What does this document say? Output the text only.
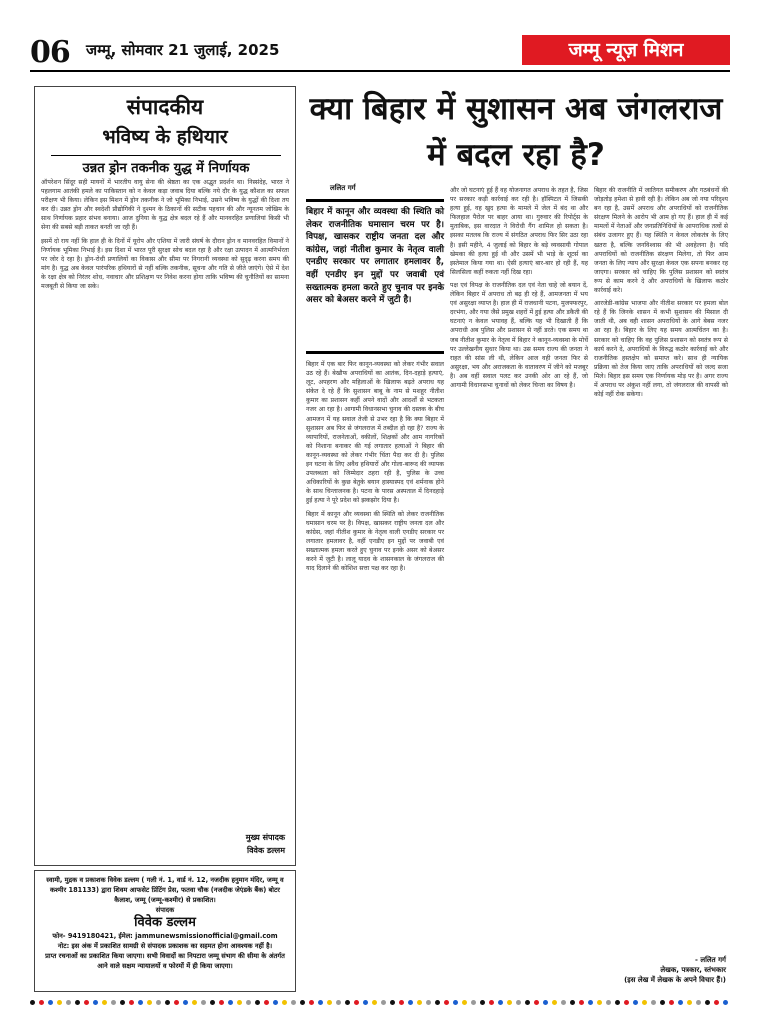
06 जम्मू, सोमवार 21 जुलाई, 2025	जम्मू न्यूज़ मिशन
संपादकीय
भविष्य के हथियार
उन्नत ड्रोन तकनीक युद्ध में निर्णायक
ऑपरेशन सिंदूर सही मायनों में भारतीय वायु सेना की श्रेष्ठता का एक अद्भुत प्रदर्शन था। निस्संदेह, भारत ने पहलगाम आतंकी हमले का पाकिस्तान को न केवल कड़ा जवाब दिया बल्कि नये दौर के युद्ध कौशल का सफल परीक्षण भी किया। लेकिन इस मिशन में ड्रोन तकनीक ने जो भूमिका निभाई, उसने भविष्य के युद्धों की दिशा तय कर दी। उन्नत ड्रोन और स्वदेशी प्रौद्योगिकी ने दुश्मन के ठिकानों की सटीक पहचान की और न्यूनतम जोखिम के साथ निर्णायक प्रहार संभव बनाया। आज दुनिया के युद्ध क्षेत्र बदल रहे हैं और मानवरहित प्रणालियां किसी भी सेना की सबसे बड़ी ताकत बनती जा रही हैं।
इसमें दो राय नहीं कि हाल ही के दिनों में यूरोप और एशिया में जारी संघर्ष के दौरान ड्रोन व मानवरहित विमानों ने निर्णायक भूमिका निभाई है। इस दिशा में भारत पूरी सुरक्षा सोच बदल रहा है और रक्षा उत्पादन में आत्मनिर्भरता पर जोर दे रहा है। ड्रोन-रोधी प्रणालियों का विकास और सीमा पर निगरानी व्यवस्था को सुदृढ़ करना समय की मांग है। युद्ध अब केवल पारंपरिक हथियारों से नहीं बल्कि तकनीक, सूचना और गति से जीते जाएंगे। ऐसे में देश के रक्षा क्षेत्र को निरंतर शोध, नवाचार और प्रशिक्षण पर निवेश करना होगा ताकि भविष्य की चुनौतियों का सामना मजबूती से किया जा सके।
मुख्य संपादक
विवेक डल्लम
स्वामी, मुद्रक व प्रकाशक विवेक डल्लम ( गली नं. 1, वार्ड नं. 12, नजदीक हनुमान मंदिर, जम्मू व कश्मीर 181133) द्वारा शिवम आफसेट प्रिंटिंग प्रेस, फतवा चौक (नजदीक जेएंडके बैंक) बोटर कैलाश, जम्मू (जम्मू-कश्मीर) से प्रकाशित।
संपादक
विवेक डल्लम
फोन- 9419180421, ईमेल: jammunewsmissionofficial@gmail.com
नोट: इस अंक में प्रकाशित सामग्री से संपादक प्रकाशक का सहमत होना आवश्यक नहीं है।
प्राप्त रचनाओं का प्रकाशित किया जाएगा। सभी विवादों का निपटारा जम्मू संभाग की सीमा के अंतर्गत आने वाले सक्षम न्यायालयों व फोरमों में ही किया जाएगा।
क्या बिहार में सुशासन अब जंगलराज में बदल रहा है?
ललित गर्ग
बिहार में कानून और व्यवस्था की स्थिति को लेकर राजनीतिक घमासान चरम पर है। विपक्ष, खासकर राष्ट्रीय जनता दल और कांग्रेस, जहां नीतीश कुमार के नेतृत्व वाली एनडीए सरकार पर लगातार हमलावर है, वहीं एनडीए इन मुद्दों पर जवाबी एवं सख्तात्मक हमला करते हुए चुनाव पर इनके असर को बेअसर करने में जुटी है।
बिहार में एक बार फिर कानून-व्यवस्था को लेकर गंभीर सवाल उठ रहे हैं। बेखौफ अपराधियों का आतंक, दिन-दहाड़े हत्याएं, लूट, अपहरण और महिलाओं के खिलाफ बढ़ते अपराध यह संकेत दे रहे हैं कि सुशासन बाबू के नाम से मशहूर नीतीश कुमार का प्रशासन कहीं अपने वादों और आदर्शों से भटकता नजर आ रहा है। आगामी विधानसभा चुनाव की दस्तक के बीच आमजन में यह सवाल तेजी से उभर रहा है कि क्या बिहार में सुशासन अब फिर से जंगलराज में तब्दील हो रहा है? राज्य के व्यापारियों, राजनेताओं, वकीलों, शिक्षकों और आम नागरिकों को निशाना बनाकर की गई लगातार हत्याओं ने बिहार की कानून-व्यवस्था को लेकर गंभीर चिंता पैदा कर दी है। पुलिस इन घटना के लिए अवैध हथियारों और गोला-बारूद की व्यापक उपलब्धता को जिम्मेदार ठहरा रही है, पुलिस के उच्च अधिकारियों के कुछ बेतुके बयान हास्यास्पद एवं शर्मनाक होने के साथ चिन्ताजनक है। पटना के पारस अस्पताल में दिनदहाड़े हुई हत्या ने पूरे प्रदेश को झकझोर दिया है।
बिहार में कानून और व्यवस्था की स्थिति को लेकर राजनीतिक घमासान चरम पर है। विपक्ष, खासकर राष्ट्रीय जनता दल और कांग्रेस, जहां नीतीश कुमार के नेतृत्व वाली एनडीए सरकार पर लगातार हमलावर है, वहीं एनडीए इन मुद्दों पर जवाबी एवं सख्तात्मक हमला करते हुए चुनाव पर इनके असर को बेअसर करने में जुटी है। लालू यादव के शासनकाल के जंगलराज की याद दिलाने की कोशिश सत्ता पक्ष कर रहा है।
और जो घटनाएं हुई हैं वह योजनागत अपराध के तहत है, जिस पर सरकार कड़ी कार्रवाई कर रही है। हॉस्पिटल में जिसकी हत्या हुई, वह खुद हत्या के मामले में जेल में बंद था और फिलहाल पैरोल पर बाहर आया था। गुरुवार की रिपोर्ट्स के मुताबिक, इस वारदात ने विरोधी गैंग शामिल हो सकता है। इसका मतलब कि राज्य में संगठित अपराध फिर सिर उठा रहा है। इसी महीने, 4 जुलाई को बिहार के बड़े व्यवसायी गोपाल खेमका की हत्या हुई थी और उसमें भी भाड़े के शूटर्स का इस्तेमाल किया गया था। ऐसी हत्याएं बार-बार हो रही हैं, यह सिलसिला कहीं रुकता नहीं दिख रहा।
पक्ष एवं विपक्ष के राजनीतिक दल एवं नेता चाहे जो बयान दें, लेकिन बिहार में अपराध तो बढ़ ही रहे हैं, आमजनता में भय एवं असुरक्षा व्याप्त है। हाल ही में राजधानी पटना, मुजफ्फरपुर, दरभंगा, और गया जैसे प्रमुख शहरों में हुई हत्या और डकैती की घटनाएं न केवल भयावह हैं, बल्कि यह भी दिखाती हैं कि अपराधी अब पुलिस और प्रशासन से नहीं डरते। एक समय था जब नीतीश कुमार के नेतृत्व में बिहार ने कानून-व्यवस्था के मोर्चे पर उल्लेखनीय सुधार किया था। उस समय राज्य की जनता ने राहत की सांस ली थी, लेकिन आज वही जनता फिर से असुरक्षा, भय और अराजकता के वातावरण में जीने को मजबूर है। अब वहीं सवाल पलट कर उनकी ओर आ रहे हैं, जो आगामी विधानसभा चुनावों को लेकर चिन्ता का विषय है।
बिहार की राजनीति में जातिगत समीकरण और गठबंधनों की जोड़तोड़ हमेशा से हावी रही है। लेकिन अब जो नया परिदृश्य बन रहा है, उसमें अपराध और अपराधियों को राजनीतिक संरक्षण मिलने के आरोप भी आम हो गए हैं। हाल ही में कई मामलों में नेताओं और जनप्रतिनिधियों के आपराधिक तत्वों से संबंध उजागर हुए हैं। यह स्थिति न केवल लोकतंत्र के लिए खतरा है, बल्कि जनविश्वास की भी अवहेलना है। यदि अपराधियों को राजनीतिक संरक्षण मिलेगा, तो फिर आम जनता के लिए न्याय और सुरक्षा केवल एक सपना बनकर रह जाएगा। सरकार को चाहिए कि पुलिस प्रशासन को स्वतंत्र रूप से काम करने दे और अपराधियों के खिलाफ कठोर कार्रवाई करे।
आरजेडी-कांग्रेस भाजपा और नीतीश सरकार पर हमला बोल रहे हैं कि जिनके शासन में कभी सुशासन की मिसाल दी जाती थी, अब वही शासन अपराधियों के आगे बेबस नजर आ रहा है। बिहार के लिए यह समय आत्मचिंतन का है। सरकार को चाहिए कि वह पुलिस प्रशासन को स्वतंत्र रूप से कार्य करने दे, अपराधियों के विरुद्ध कठोर कार्रवाई करे और राजनीतिक हस्तक्षेप को समाप्त करे। साथ ही न्यायिक प्रक्रिया को तेज किया जाए ताकि अपराधियों को जल्द सजा मिले। बिहार इस समय एक निर्णायक मोड़ पर है। अगर राज्य में अपराध पर अंकुश नहीं लगा, तो जंगलराज की वापसी को कोई नहीं रोक सकेगा।
- ललित गर्ग
लेखक, पत्रकार, स्तंभकार
(इस लेख में लेखक के अपने विचार हैं।)
